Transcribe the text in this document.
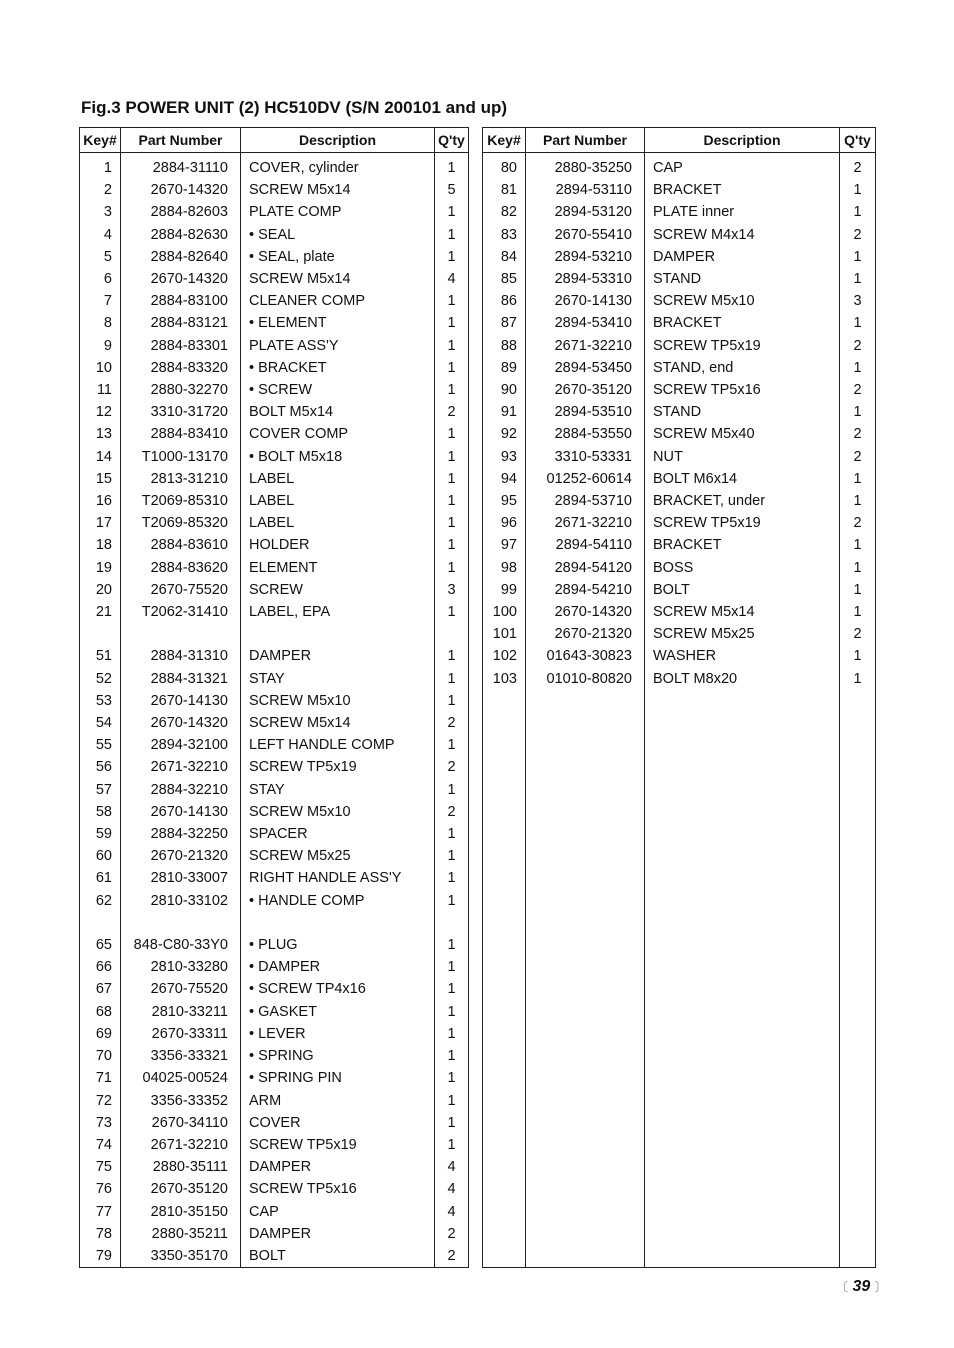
Fig.3 POWER UNIT (2) HC510DV (S/N 200101 and up)
Key#	Part Number	Description	Q'ty

1	2884-31110	COVER, cylinder	1
2	2670-14320	SCREW M5x14	5
3	2884-82603	PLATE COMP	1
4	2884-82630	• SEAL	1
5	2884-82640	• SEAL, plate	1
6	2670-14320	SCREW M5x14	4
7	2884-83100	CLEANER COMP	1
8	2884-83121	• ELEMENT	1
9	2884-83301	PLATE ASS'Y	1
10	2884-83320	• BRACKET	1
11	2880-32270	• SCREW	1
12	3310-31720	BOLT M5x14	2
13	2884-83410	COVER COMP	1
14	T1000-13170	• BOLT M5x18	1
15	2813-31210	LABEL	1
16	T2069-85310	LABEL	1
17	T2069-85320	LABEL	1
18	2884-83610	HOLDER	1
19	2884-83620	ELEMENT	1
20	2670-75520	SCREW	3
21	T2062-31410	LABEL, EPA	1

51	2884-31310	DAMPER	1
52	2884-31321	STAY	1
53	2670-14130	SCREW M5x10	1
54	2670-14320	SCREW M5x14	2
55	2894-32100	LEFT HANDLE COMP	1
56	2671-32210	SCREW TP5x19	2
57	2884-32210	STAY	1
58	2670-14130	SCREW M5x10	2
59	2884-32250	SPACER	1
60	2670-21320	SCREW M5x25	1
61	2810-33007	RIGHT HANDLE ASS'Y	1
62	2810-33102	• HANDLE COMP	1

65	848-C80-33Y0	• PLUG	1
66	2810-33280	• DAMPER	1
67	2670-75520	• SCREW TP4x16	1
68	2810-33211	• GASKET	1
69	2670-33311	• LEVER	1
70	3356-33321	• SPRING	1
71	04025-00524	• SPRING PIN	1
72	3356-33352	ARM	1
73	2670-34110	COVER	1
74	2671-32210	SCREW TP5x19	1
75	2880-35111	DAMPER	4
76	2670-35120	SCREW TP5x16	4
77	2810-35150	CAP	4
78	2880-35211	DAMPER	2
79	3350-35170	BOLT	2

Key#	Part Number	Description	Q'ty

80	2880-35250	CAP	2
81	2894-53110	BRACKET	1
82	2894-53120	PLATE inner	1
83	2670-55410	SCREW M4x14	2
84	2894-53210	DAMPER	1
85	2894-53310	STAND	1
86	2670-14130	SCREW M5x10	3
87	2894-53410	BRACKET	1
88	2671-32210	SCREW TP5x19	2
89	2894-53450	STAND, end	1
90	2670-35120	SCREW TP5x16	2
91	2894-53510	STAND	1
92	2884-53550	SCREW M5x40	2
93	3310-53331	NUT	2
94	01252-60614	BOLT M6x14	1
95	2894-53710	BRACKET, under	1
96	2671-32210	SCREW TP5x19	2
97	2894-54110	BRACKET	1
98	2894-54120	BOSS	1
99	2894-54210	BOLT	1
100	2670-14320	SCREW M5x14	1
101	2670-21320	SCREW M5x25	2
102	01643-30823	WASHER	1
103	01010-80820	BOLT M8x20	1

〔 39 〕
